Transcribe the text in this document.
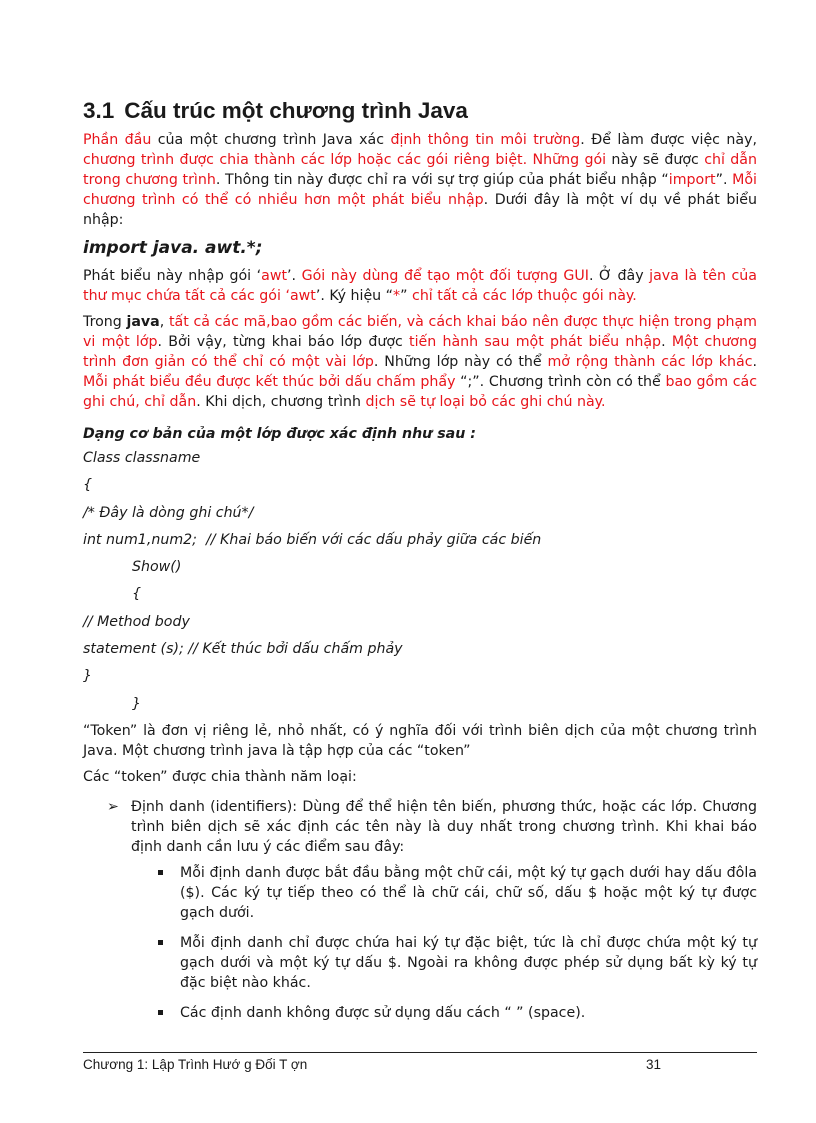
3.1 Cấu trúc một chương trình Java

Phần đầu của một chương trình Java xác định thông tin môi trường. Để làm được việc này, chương trình được chia thành các lớp hoặc các gói riêng biệt. Những gói này sẽ được chỉ dẫn trong chương trình. Thông tin này được chỉ ra với sự trợ giúp của phát biểu nhập “import”. Mỗi chương trình có thể có nhiều hơn một phát biểu nhập. Dưới đây là một ví dụ về phát biểu nhập:

import java. awt.*;

Phát biểu này nhập gói ‘awt’. Gói này dùng để tạo một đối tượng GUI. Ở đây java là tên của thư mục chứa tất cả các gói ‘awt’. Ký hiệu “*” chỉ tất cả các lớp thuộc gói này.

Trong java, tất cả các mã,bao gồm các biến, và cách khai báo nên được thực hiện trong phạm vi một lớp. Bởi vậy, từng khai báo lớp được tiến hành sau một phát biểu nhập. Một chương trình đơn giản có thể chỉ có một vài lớp. Những lớp này có thể mở rộng thành các lớp khác. Mỗi phát biểu đều được kết thúc bởi dấu chấm phẩy “;”. Chương trình còn có thể bao gồm các ghi chú, chỉ dẫn. Khi dịch, chương trình dịch sẽ tự loại bỏ các ghi chú này.

Dạng cơ bản của một lớp được xác định như sau :
Class classname
{
/* Đây là dòng ghi chú*/
int num1,num2;  // Khai báo biến với các dấu phảy giữa các biến
Show()
{
// Method body
statement (s); // Kết thúc bởi dấu chấm phảy
}
}

“Token” là đơn vị riêng lẻ, nhỏ nhất, có ý nghĩa đối với trình biên dịch của một chương trình Java. Một chương trình java là tập hợp của các “token”

Các “token” được chia thành năm loại:

➢ Định danh (identifiers): Dùng để thể hiện tên biến, phương thức, hoặc các lớp. Chương trình biên dịch sẽ xác định các tên này là duy nhất trong chương trình. Khi khai báo định danh cần lưu ý các điểm sau đây:
Mỗi định danh được bắt đầu bằng một chữ cái, một ký tự gạch dưới hay dấu đôla ($). Các ký tự tiếp theo có thể là chữ cái, chữ số, dấu $ hoặc một ký tự được gạch dưới.
Mỗi định danh chỉ được chứa hai ký tự đặc biệt, tức là chỉ được chứa một ký tự gạch dưới và một ký tự dấu $. Ngoài ra không được phép sử dụng bất kỳ ký tự đặc biệt nào khác.
Các định danh không được sử dụng dấu cách “ ” (space).
Chương 1: Lập Trình Hướ g Đối T ợn	31
